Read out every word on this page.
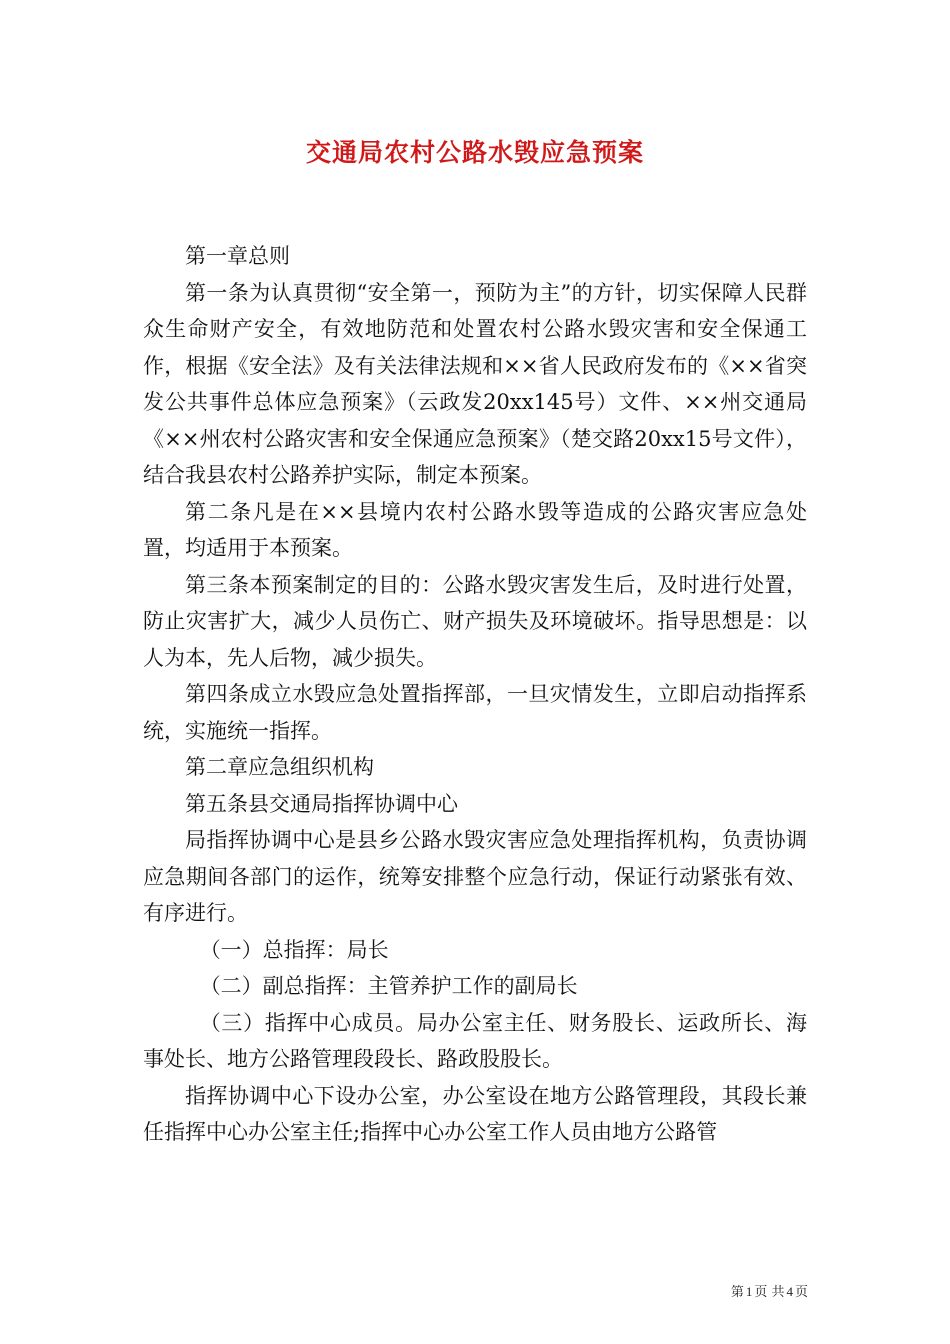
交通局农村公路水毁应急预案

第一章总则

第一条为认真贯彻“安全第一，预防为主”的方针，切实保障人民群众生命财产安全，有效地防范和处置农村公路水毁灾害和安全保通工作，根据《安全法》及有关法律法规和××省人民政府发布的《××省突发公共事件总体应急预案》（云政发20xx145号）文件、××州交通局《××州农村公路灾害和安全保通应急预案》（楚交路20xx15号文件），结合我县农村公路养护实际，制定本预案。

第二条凡是在××县境内农村公路水毁等造成的公路灾害应急处置，均适用于本预案。

第三条本预案制定的目的：公路水毁灾害发生后，及时进行处置，防止灾害扩大，减少人员伤亡、财产损失及环境破坏。指导思想是：以人为本，先人后物，减少损失。

第四条成立水毁应急处置指挥部，一旦灾情发生，立即启动指挥系统，实施统一指挥。

第二章应急组织机构

第五条县交通局指挥协调中心

局指挥协调中心是县乡公路水毁灾害应急处理指挥机构，负责协调应急期间各部门的运作，统筹安排整个应急行动，保证行动紧张有效、有序进行。

（一）总指挥：局长

（二）副总指挥：主管养护工作的副局长

（三）指挥中心成员。局办公室主任、财务股长、运政所长、海事处长、地方公路管理段段长、路政股股长。

指挥协调中心下设办公室，办公室设在地方公路管理段，其段长兼任指挥中心办公室主任;指挥中心办公室工作人员由地方公路管

第 1 页 共 4 页
